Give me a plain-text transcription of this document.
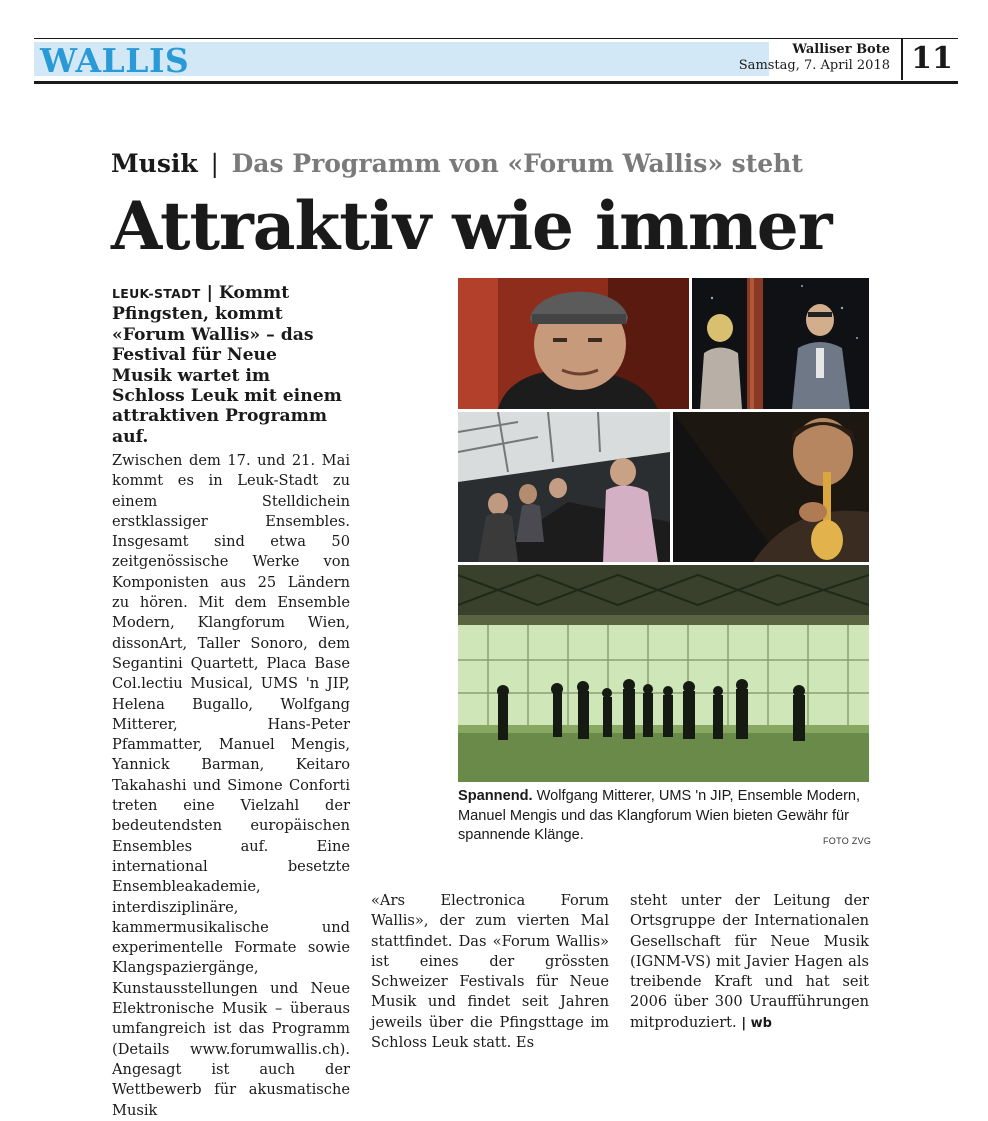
WALLIS	Walliser Bote
Samstag, 7. April 2018 11
Musik | Das Programm von «Forum Wallis» steht
Attraktiv wie immer
LEUK-STADT | Kommt Pfingsten, kommt «Forum Wallis» – das Festival für Neue Musik wartet im Schloss Leuk mit einem attraktiven Programm auf.

Zwischen dem 17. und 21. Mai kommt es in Leuk-Stadt zu einem Stelldichein erstklassiger Ensembles. Insgesamt sind etwa 50 zeitgenössische Werke von Komponisten aus 25 Ländern zu hören. Mit dem Ensemble Modern, Klangforum Wien, dissonArt, Taller Sonoro, dem Segantini Quartett, Placa Base Col.lectiu Musical, UMS 'n JIP, Helena Bugallo, Wolfgang Mitterer, Hans-Peter Pfammatter, Manuel Mengis, Yannick Barman, Keitaro Takahashi und Simone Conforti treten eine Vielzahl der bedeutendsten europäischen Ensembles auf. Eine international besetzte Ensembleakademie, interdisziplinäre, kammermusikalische und experimentelle Formate sowie Klangspaziergänge, Kunstausstellungen und Neue Elektronische Musik – überaus umfangreich ist das Programm (Details www.forumwallis.ch). Angesagt ist auch der Wettbewerb für akusmatische Musik

«Ars Electronica Forum Wallis», der zum vierten Mal stattfindet. Das «Forum Wallis» ist eines der grössten Schweizer Festivals für Neue Musik und findet seit Jahren jeweils über die Pfingsttage im Schloss Leuk statt. Es

steht unter der Leitung der Ortsgruppe der Internationalen Gesellschaft für Neue Musik (IGNM-VS) mit Javier Hagen als treibende Kraft und hat seit 2006 über 300 Uraufführungen mitproduziert. | wb

Spannend. Wolfgang Mitterer, UMS 'n JIP, Ensemble Modern, Manuel Mengis und das Klangforum Wien bieten Gewähr für spannende Klänge.	FOTO ZVG
